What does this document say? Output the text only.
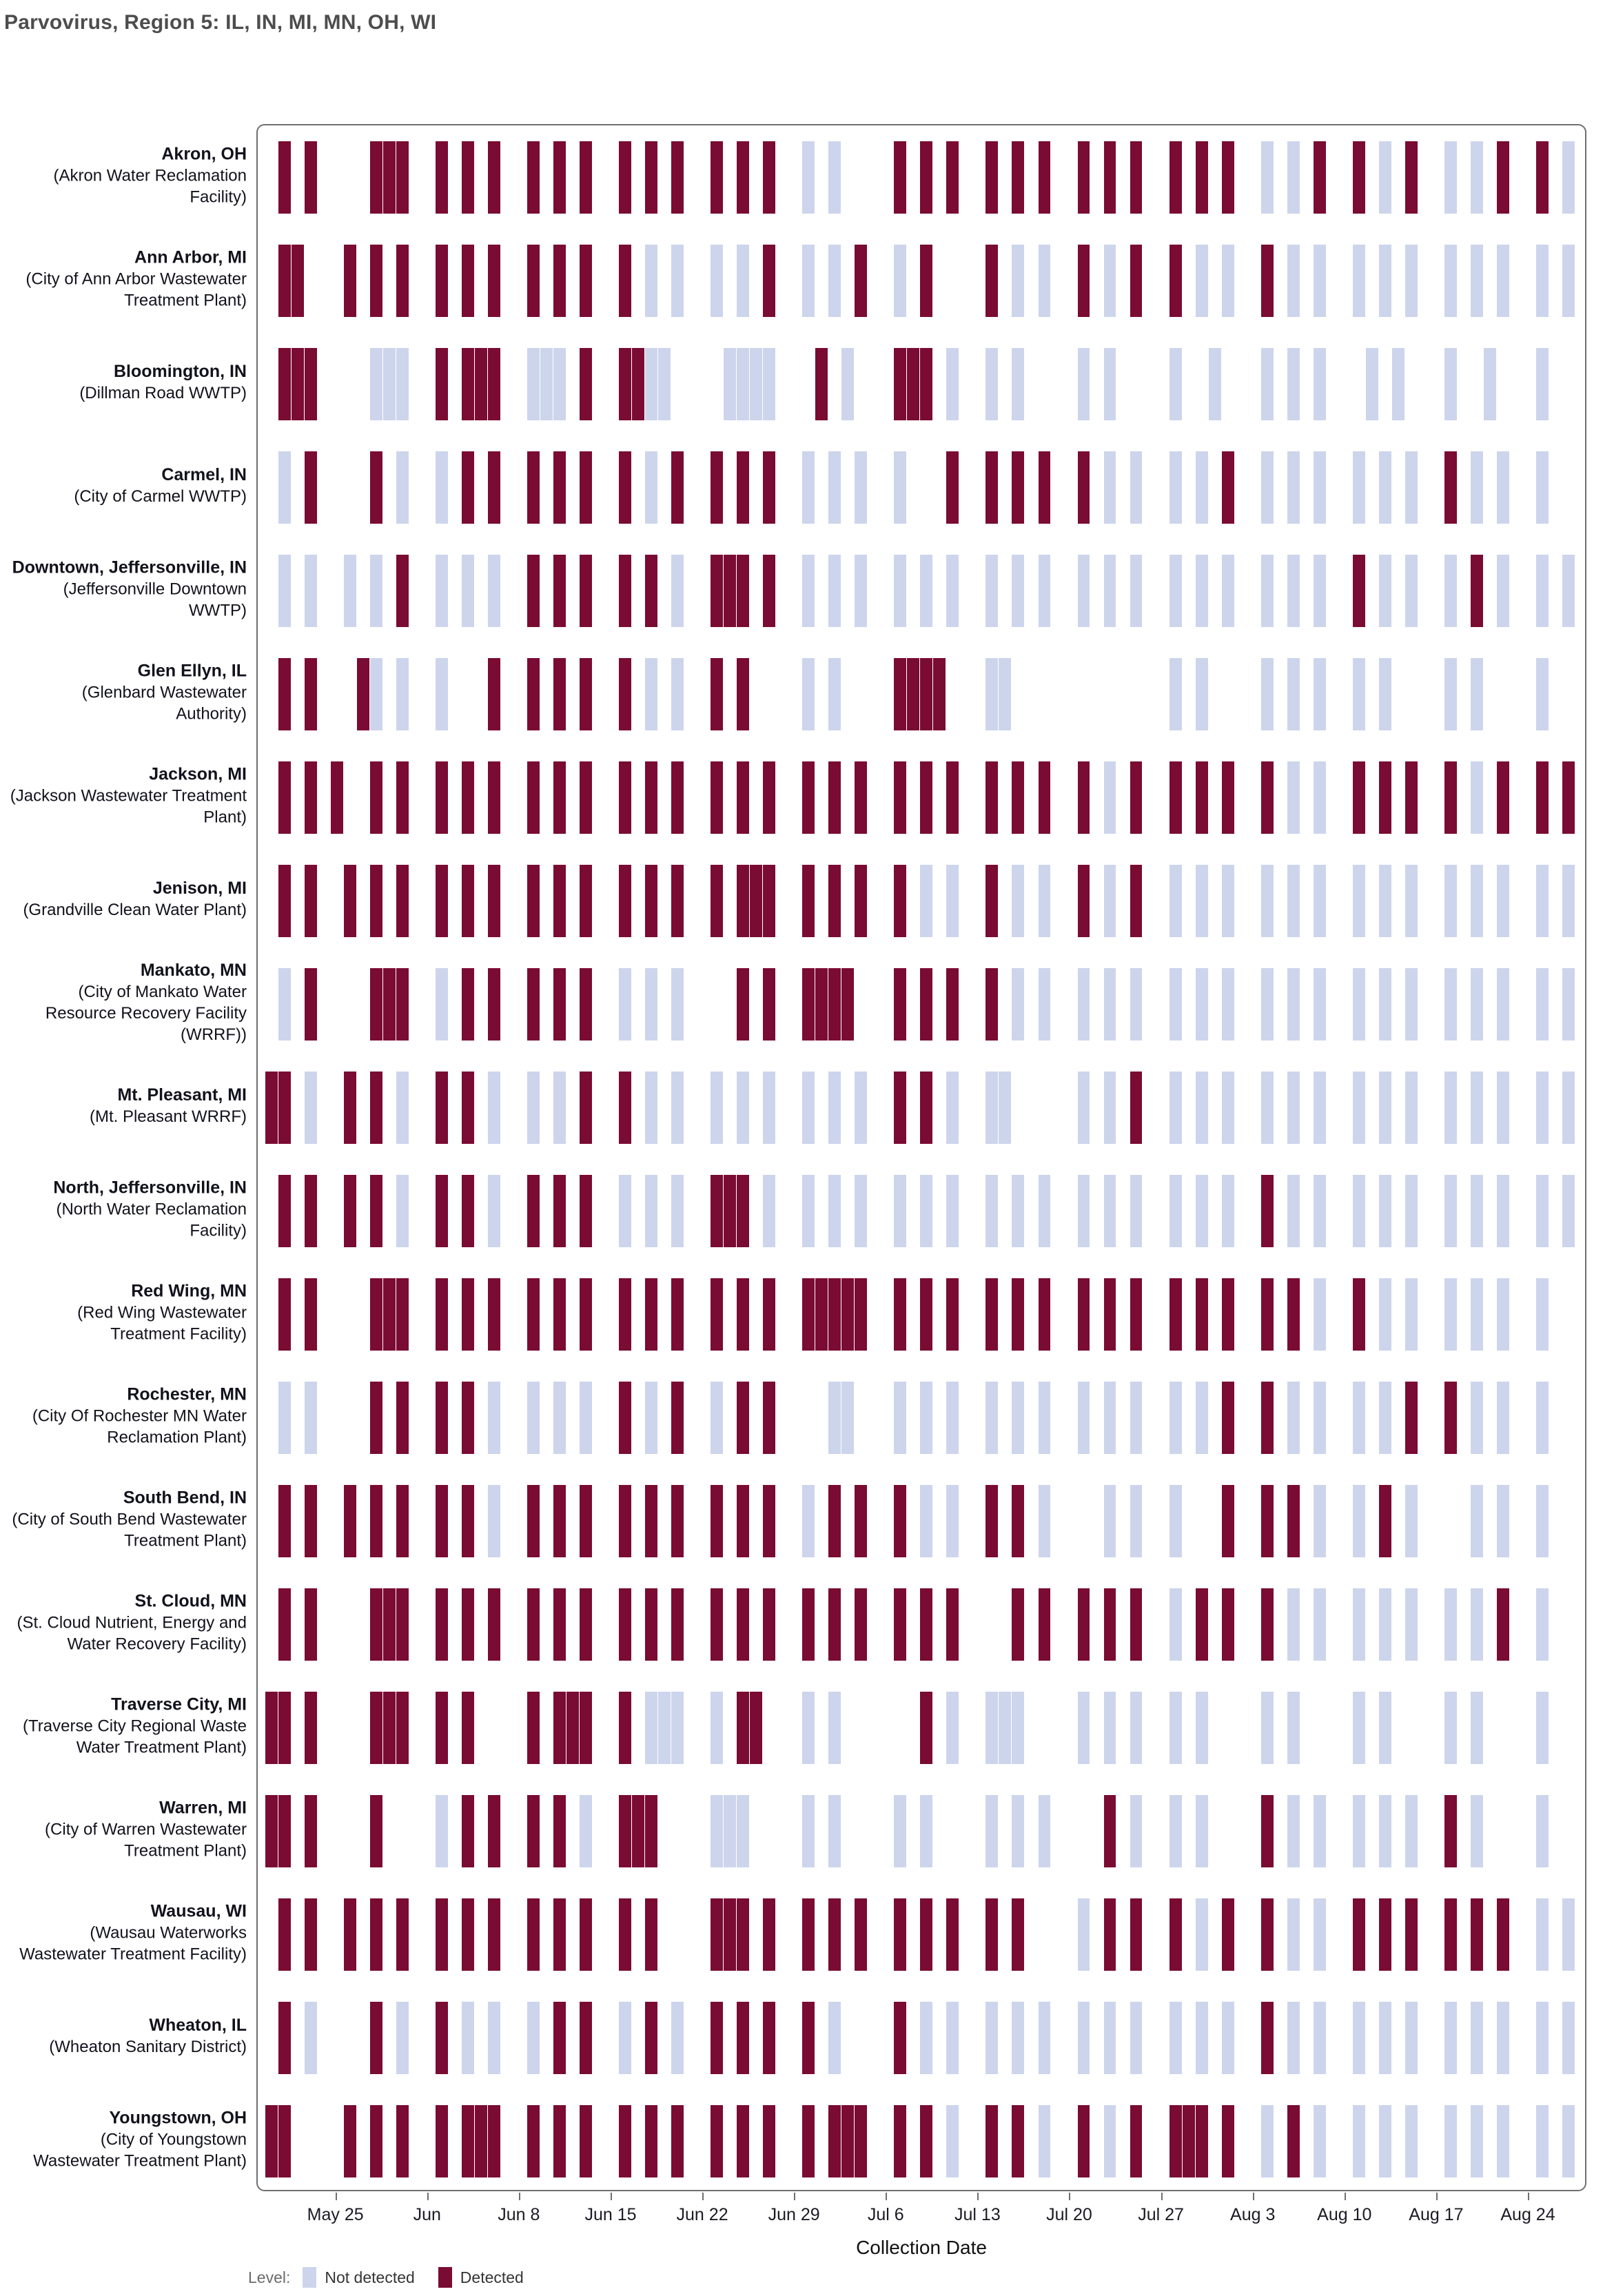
Parvovirus, Region 5: IL, IN, MI, MN, OH, WI
Akron, OH
(Akron Water Reclamation Facility)
Ann Arbor, MI
(City of Ann Arbor Wastewater Treatment Plant)
Bloomington, IN
(Dillman Road WWTP)
Carmel, IN
(City of Carmel WWTP)
Downtown, Jeffersonville, IN
(Jeffersonville Downtown WWTP)
Glen Ellyn, IL
(Glenbard Wastewater Authority)
Jackson, MI
(Jackson Wastewater Treatment Plant)
Jenison, MI
(Grandville Clean Water Plant)
Mankato, MN
(City of Mankato Water Resource Recovery Facility (WRRF))
Mt. Pleasant, MI
(Mt. Pleasant WRRF)
North, Jeffersonville, IN
(North Water Reclamation Facility)
Red Wing, MN
(Red Wing Wastewater Treatment Facility)
Rochester, MN
(City Of Rochester MN Water Reclamation Plant)
South Bend, IN
(City of South Bend Wastewater Treatment Plant)
St. Cloud, MN
(St. Cloud Nutrient, Energy and Water Recovery Facility)
Traverse City, MI
(Traverse City Regional Waste Water Treatment Plant)
Warren, MI
(City of Warren Wastewater Treatment Plant)
Wausau, WI
(Wausau Waterworks Wastewater Treatment Facility)
Wheaton, IL
(Wheaton Sanitary District)
Youngstown, OH
(City of Youngstown Wastewater Treatment Plant)
May 25	Jun	Jun 8	Jun 15 Jun 22 Jun 29	Jul 6	Jul 13	Jul 20	Jul 27	Aug 3 Aug 10 Aug 17 Aug 24
Collection Date
Level: Not detected	Detected
